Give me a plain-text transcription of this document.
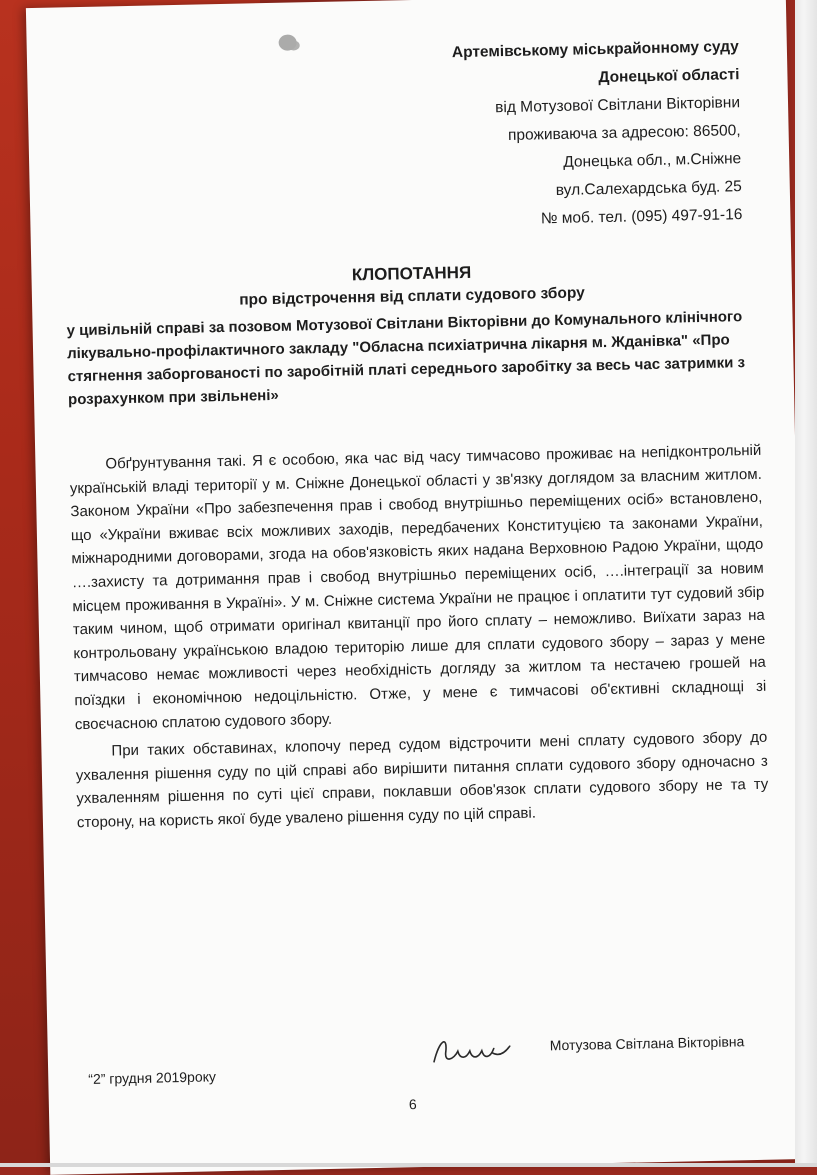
Артемівському міськрайонному суду
Донецької області
від Мотузової Світлани Вікторівни
проживаюча за адресою: 86500,
Донецька обл., м.Сніжне
вул.Салехардська буд. 25
№ моб. тел. (095) 497-91-16

КЛОПОТАННЯ

про відстрочення від сплати судового збору

у цивільній справі за позовом Мотузової Світлани Вікторівни до Комунального клінічного лікувально-профілактичного закладу "Обласна психіатрична лікарня м. Жданівка" «Про стягнення заборгованості по заробітній платі середнього заробітку за весь час затримки з розрахунком при звільнені»

Обґрунтування такі. Я є особою, яка час від часу тимчасово проживає на непідконтрольній українській владі території у м. Сніжне Донецької області у зв'язку доглядом за власним житлом. Законом України «Про забезпечення прав і свобод внутрішньо переміщених осіб» встановлено, що «України вживає всіх можливих заходів, передбачених Конституцією та законами України, міжнародними договорами, згода на обов'язковість яких надана Верховною Радою України, щодо ….захисту та дотримання прав і свобод внутрішньо переміщених осіб, ….інтеграції за новим місцем проживання в Україні». У м. Сніжне система України не працює і оплатити тут судовий збір таким чином, щоб отримати оригінал квитанції про його сплату – неможливо. Виїхати зараз на контрольовану українською владою територію лише для сплати судового збору – зараз у мене тимчасово немає можливості через необхідність догляду за житлом та нестачею грошей на поїздки і економічною недоцільністю. Отже, у мене є тимчасові об'єктивні складнощі зі своєчасною сплатою судового збору.

При таких обставинах, клопочу перед судом відстрочити мені сплату судового збору до ухвалення рішення суду по цій справі або вирішити питання сплати судового збору одночасно з ухваленням рішення по суті цієї справи, поклавши обов'язок сплати судового збору не та ту сторону, на користь якої буде увалено рішення суду по цій справі.

“2” грудня 2019року
Мотузова Світлана Вікторівна
6
